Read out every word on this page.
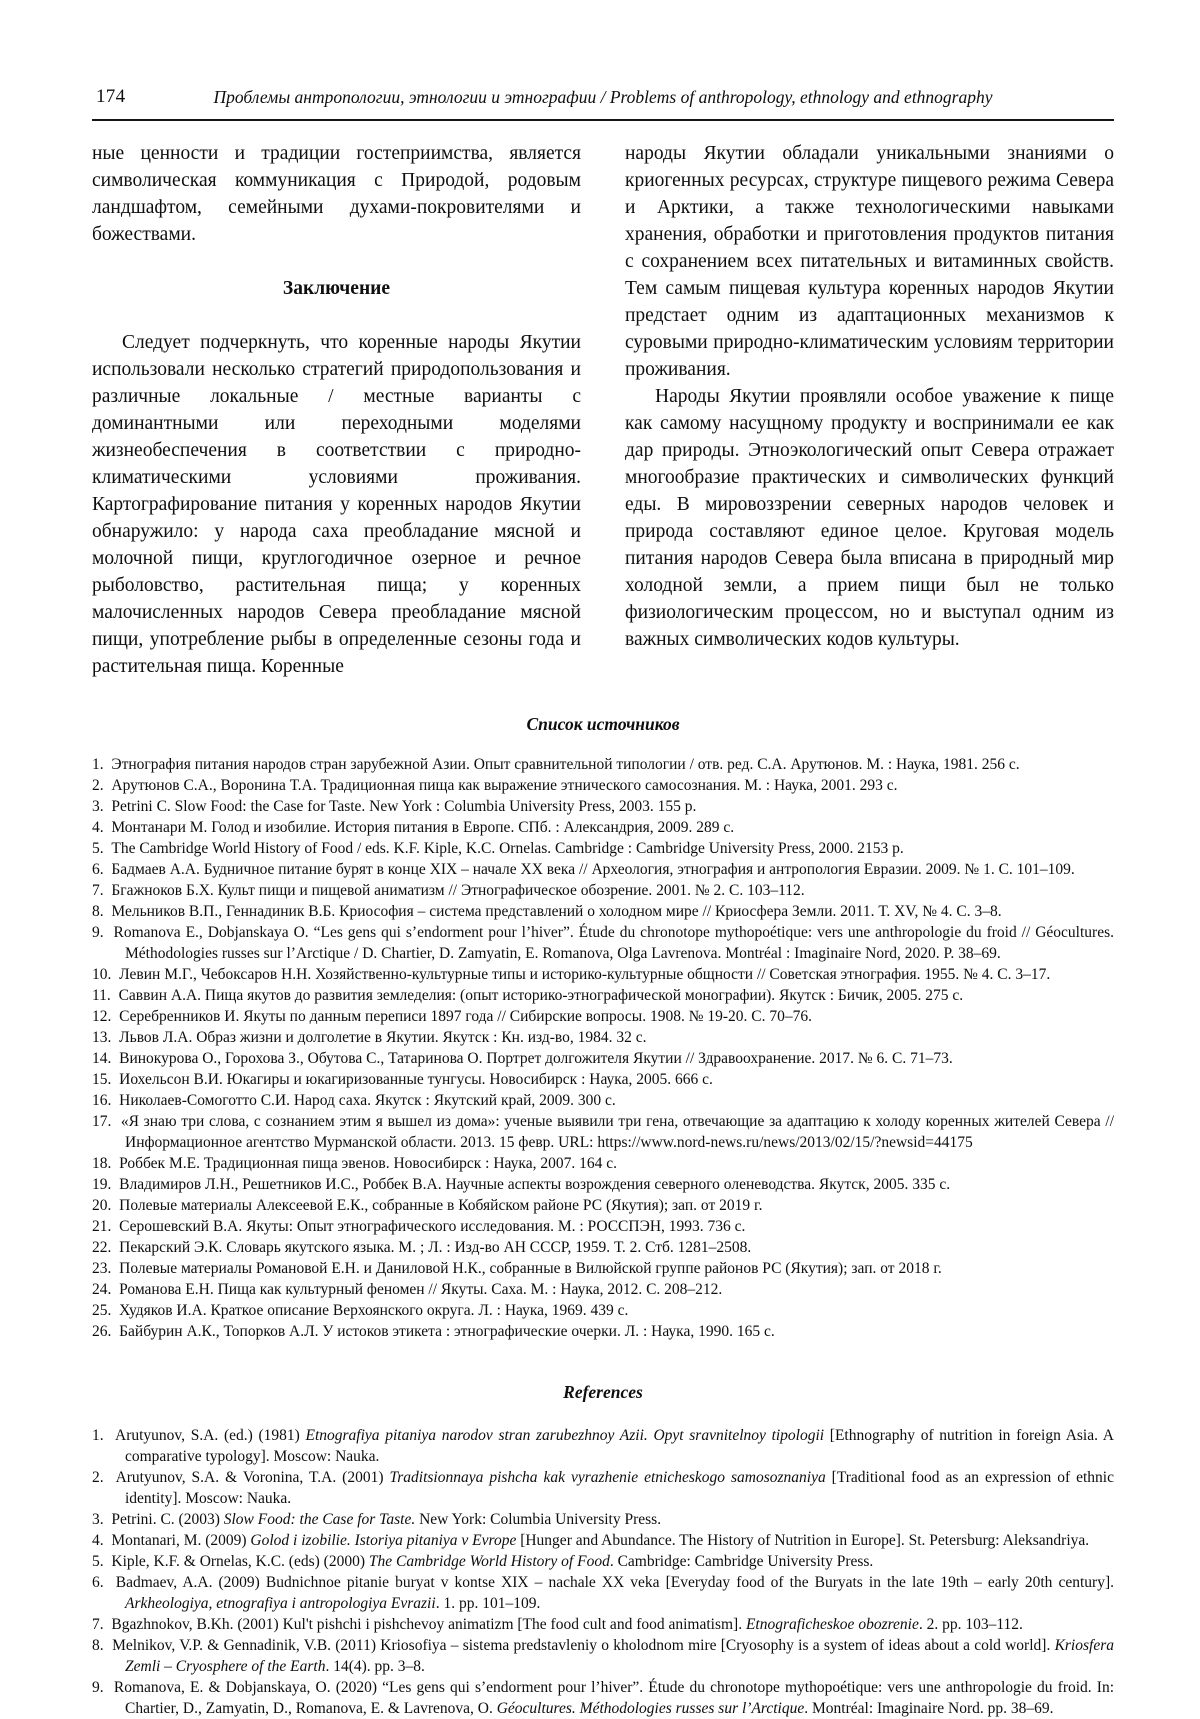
174	Проблемы антропологии, этнологии и этнографии / Problems of anthropology, ethnology and ethnography

ные ценности и традиции гостеприимства, является символическая коммуникация с Природой, родовым ландшафтом, семейными духами-покровителями и божествами.

Заключение

Следует подчеркнуть, что коренные народы Якутии использовали несколько стратегий природопользования и различные локальные / местные варианты с доминантными или переходными моделями жизнеобеспечения в соответствии с природно-климатическими условиями проживания. Картографирование питания у коренных народов Якутии обнаружило: у народа саха преобладание мясной и молочной пищи, круглогодичное озерное и речное рыболовство, растительная пища; у коренных малочисленных народов Севера преобладание мясной пищи, употребление рыбы в определенные сезоны года и растительная пища. Коренные

народы Якутии обладали уникальными знаниями о криогенных ресурсах, структуре пищевого режима Севера и Арктики, а также технологическими навыками хранения, обработки и приготовления продуктов питания с сохранением всех питательных и витаминных свойств. Тем самым пищевая культура коренных народов Якутии предстает одним из адаптационных механизмов к суровыми природно-климатическим условиям территории проживания.

Народы Якутии проявляли особое уважение к пище как самому насущному продукту и воспринимали ее как дар природы. Этноэкологический опыт Севера отражает многообразие практических и символических функций еды. В мировоззрении северных народов человек и природа составляют единое целое. Круговая модель питания народов Севера была вписана в природный мир холодной земли, а прием пищи был не только физиологическим процессом, но и выступал одним из важных символических кодов культуры.

Список источников
1. Этнография питания народов стран зарубежной Азии. Опыт сравнительной типологии / отв. ред. С.А. Арутюнов. М. : Наука, 1981. 256 с.
2. Арутюнов С.А., Воронина Т.А. Традиционная пища как выражение этнического самосознания. М. : Наука, 2001. 293 с.
3. Petrini C. Slow Food: the Case for Taste. New York : Columbia University Press, 2003. 155 p.
4. Монтанари М. Голод и изобилие. История питания в Европе. СПб. : Александрия, 2009. 289 с.
5. The Cambridge World History of Food / eds. K.F. Kiple, K.C. Ornelas. Cambridge : Cambridge University Press, 2000. 2153 p.
6. Бадмаев А.А. Будничное питание бурят в конце XIX – начале XX века // Археология, этнография и антропология Евразии. 2009. № 1. С. 101–109.
7. Бгажноков Б.Х. Культ пищи и пищевой аниматизм // Этнографическое обозрение. 2001. № 2. С. 103–112.
8. Мельников В.П., Геннадиник В.Б. Криософия – система представлений о холодном мире // Криосфера Земли. 2011. Т. XV, № 4. С. 3–8.
9. Romanova E., Dobjanskaya O. “Les gens qui s’endorment pour l’hiver”. Étude du chronotope mythopoétique: vers une anthropologie du froid // Géocultures. Méthodologies russes sur l’Arctique / D. Chartier, D. Zamyatin, E. Romanova, Olga Lavrenova. Montréal : Imaginaire Nord, 2020. P. 38–69.
10. Левин М.Г., Чебоксаров Н.Н. Хозяйственно-культурные типы и историко-культурные общности // Советская этнография. 1955. № 4. С. 3–17.
11. Саввин А.А. Пища якутов до развития земледелия: (опыт историко-этнографической монографии). Якутск : Бичик, 2005. 275 с.
12. Серебренников И. Якуты по данным переписи 1897 года // Сибирские вопросы. 1908. № 19-20. С. 70–76.
13. Львов Л.А. Образ жизни и долголетие в Якутии. Якутск : Кн. изд-во, 1984. 32 с.
14. Винокурова О., Горохова З., Обутова С., Татаринова О. Портрет долгожителя Якутии // Здравоохранение. 2017. № 6. С. 71–73.
15. Иохельсон В.И. Юкагиры и юкагиризованные тунгусы. Новосибирск : Наука, 2005. 666 с.
16. Николаев-Сомоготто С.И. Народ саха. Якутск : Якутский край, 2009. 300 с.
17. «Я знаю три слова, с сознанием этим я вышел из дома»: ученые выявили три гена, отвечающие за адаптацию к холоду коренных жителей Севера // Информационное агентство Мурманской области. 2013. 15 февр. URL: https://www.nord-news.ru/news/2013/02/15/?newsid=44175
18. Роббек М.Е. Традиционная пища эвенов. Новосибирск : Наука, 2007. 164 с.
19. Владимиров Л.Н., Решетников И.С., Роббек В.А. Научные аспекты возрождения северного оленеводства. Якутск, 2005. 335 с.
20. Полевые материалы Алексеевой Е.К., собранные в Кобяйском районе РС (Якутия); зап. от 2019 г.
21. Серошевский В.А. Якуты: Опыт этнографического исследования. М. : РОССПЭН, 1993. 736 с.
22. Пекарский Э.К. Словарь якутского языка. М. ; Л. : Изд-во АН СССР, 1959. Т. 2. Стб. 1281–2508.
23. Полевые материалы Романовой Е.Н. и Даниловой Н.К., собранные в Вилюйской группе районов РС (Якутия); зап. от 2018 г.
24. Романова Е.Н. Пища как культурный феномен // Якуты. Саха. М. : Наука, 2012. С. 208–212.
25. Худяков И.А. Краткое описание Верхоянского округа. Л. : Наука, 1969. 439 с.
26. Байбурин А.К., Топорков А.Л. У истоков этикета : этнографические очерки. Л. : Наука, 1990. 165 с.
References
1. Arutyunov, S.A. (ed.) (1981) Etnografiya pitaniya narodov stran zarubezhnoy Azii. Opyt sravnitelnoy tipologii [Ethnography of nutrition in foreign Asia. A comparative typology]. Moscow: Nauka.
2. Arutyunov, S.A. & Voronina, T.A. (2001) Traditsionnaya pishcha kak vyrazhenie etnicheskogo samosoznaniya [Traditional food as an expression of ethnic identity]. Moscow: Nauka.
3. Petrini. C. (2003) Slow Food: the Case for Taste. New York: Columbia University Press.
4. Montanari, M. (2009) Golod i izobilie. Istoriya pitaniya v Evrope [Hunger and Abundance. The History of Nutrition in Europe]. St. Petersburg: Aleksandriya.
5. Kiple, K.F. & Ornelas, K.C. (eds) (2000) The Cambridge World History of Food. Cambridge: Cambridge University Press.
6. Badmaev, A.A. (2009) Budnichnoe pitanie buryat v kontse XIX – nachale XX veka [Everyday food of the Buryats in the late 19th – early 20th century]. Arkheologiya, etnografiya i antropologiya Evrazii. 1. pp. 101–109.
7. Bgazhnokov, B.Kh. (2001) Kul't pishchi i pishchevoy animatizm [The food cult and food animatism]. Etnograficheskoe obozrenie. 2. pp. 103–112.
8. Melnikov, V.P. & Gennadinik, V.B. (2011) Kriosofiya – sistema predstavleniy o kholodnom mire [Cryosophy is a system of ideas about a cold world]. Kriosfera Zemli – Cryosphere of the Earth. 14(4). pp. 3–8.
9. Romanova, E. & Dobjanskaya, O. (2020) “Les gens qui s’endorment pour l’hiver”. Étude du chronotope mythopoétique: vers une anthropologie du froid. In: Chartier, D., Zamyatin, D., Romanova, E. & Lavrenova, O. Géocultures. Méthodologies russes sur l’Arctique. Montréal: Imaginaire Nord. pp. 38–69.
